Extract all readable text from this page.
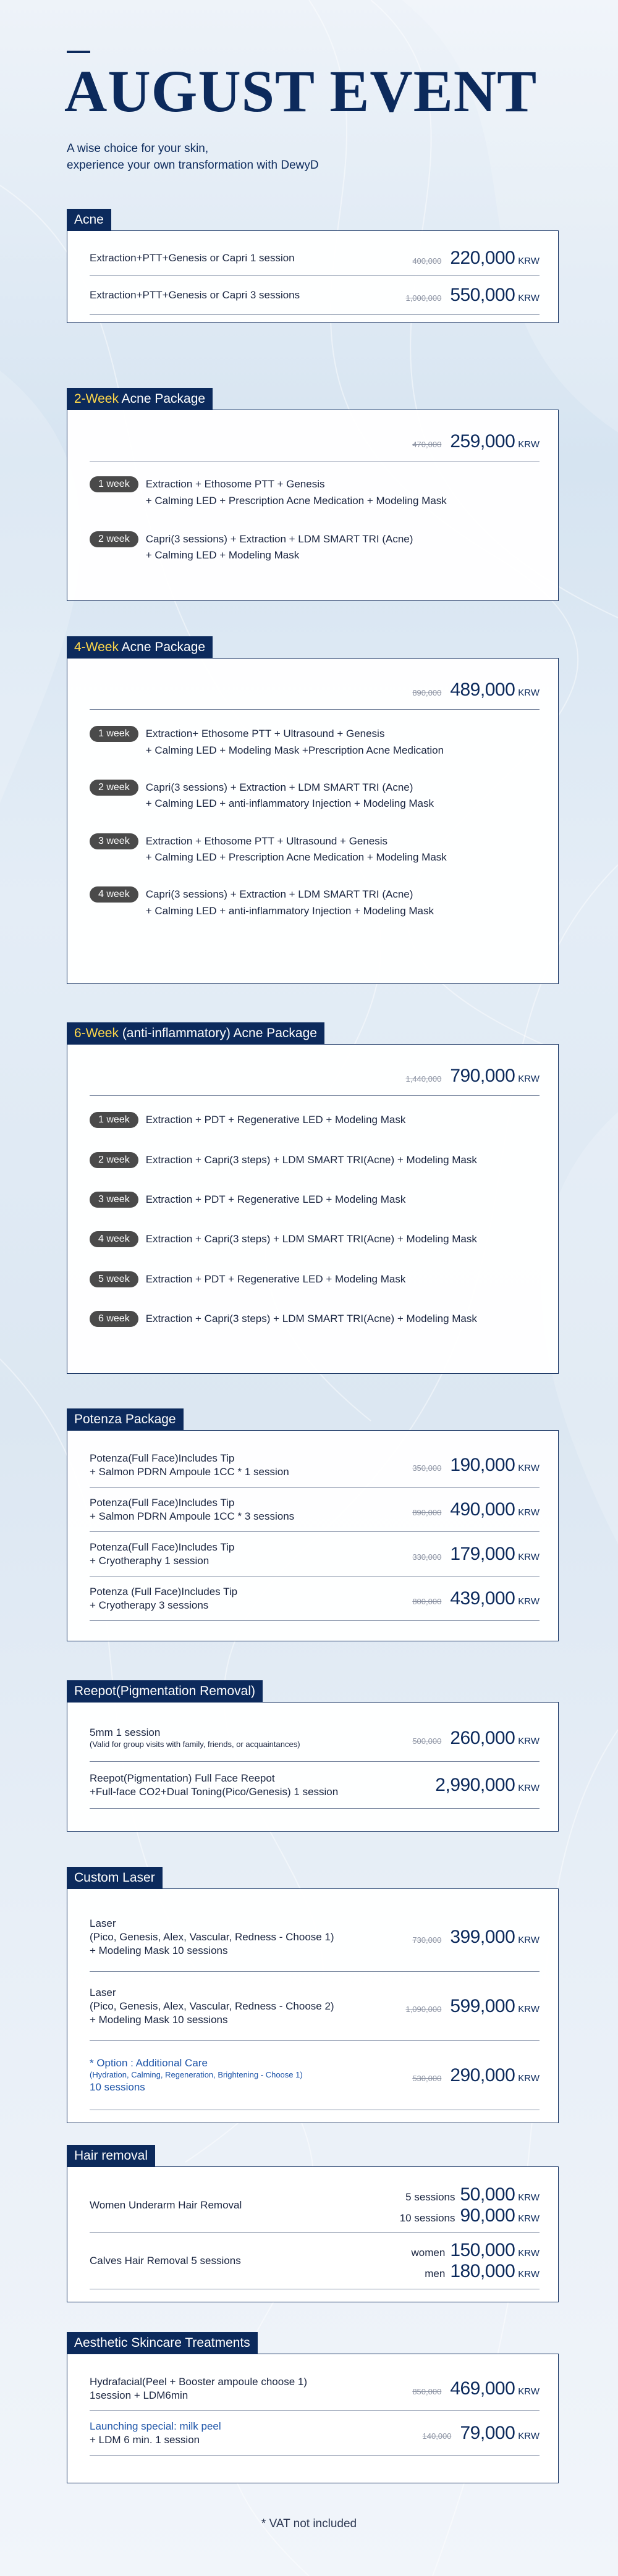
AUGUST EVENT
A wise choice for your skin,
experience your own transformation with DewyD
Acne
Extraction+PTT+Genesis or Capri 1 session	400,000 220,000 KRW
Extraction+PTT+Genesis or Capri 3 sessions	1,000,000 550,000 KRW
2-Week Acne Package
470,000 259,000 KRW
1 week	Extraction + Ethosome PTT + Genesis
+ Calming LED + Prescription Acne Medication + Modeling Mask
2 week	Capri(3 sessions) + Extraction + LDM SMART TRI (Acne)
+ Calming LED + Modeling Mask
4-Week Acne Package
890,000 489,000 KRW
1 week	Extraction+ Ethosome PTT + Ultrasound + Genesis
+ Calming LED + Modeling Mask +Prescription Acne Medication
2 week	Capri(3 sessions) + Extraction + LDM SMART TRI (Acne)
+ Calming LED + anti-inflammatory Injection + Modeling Mask
3 week	Extraction + Ethosome PTT + Ultrasound + Genesis
+ Calming LED + Prescription Acne Medication + Modeling Mask
4 week	Capri(3 sessions) + Extraction + LDM SMART TRI (Acne)
+ Calming LED + anti-inflammatory Injection + Modeling Mask
6-Week (anti-inflammatory) Acne Package
1,440,000 790,000 KRW
1 week	Extraction + PDT + Regenerative LED + Modeling Mask
2 week	Extraction + Capri(3 steps) + LDM SMART TRI(Acne) + Modeling Mask
3 week	Extraction + PDT + Regenerative LED + Modeling Mask
4 week	Extraction + Capri(3 steps) + LDM SMART TRI(Acne) + Modeling Mask
5 week	Extraction + PDT + Regenerative LED + Modeling Mask
6 week	Extraction + Capri(3 steps) + LDM SMART TRI(Acne) + Modeling Mask
Potenza Package
Potenza(Full Face)Includes Tip
+ Salmon PDRN Ampoule 1CC * 1 session	350,000 190,000 KRW
Potenza(Full Face)Includes Tip
+ Salmon PDRN Ampoule 1CC * 3 sessions	890,000 490,000 KRW
Potenza(Full Face)Includes Tip
+ Cryotheraphy 1 session	330,000 179,000 KRW
Potenza (Full Face)Includes Tip
+ Cryotherapy 3 sessions	800,000 439,000 KRW
Reepot(Pigmentation Removal)
5mm 1 session
(Valid for group visits with family, friends, or acquaintances)	500,000 260,000 KRW
Reepot(Pigmentation) Full Face Reepot
+Full-face CO2+Dual Toning(Pico/Genesis) 1 session	2,990,000 KRW
Custom Laser
Laser
(Pico, Genesis, Alex, Vascular, Redness - Choose 1)
+ Modeling Mask 10 sessions
730,000 399,000 KRW
Laser
(Pico, Genesis, Alex, Vascular, Redness - Choose 2)
+ Modeling Mask 10 sessions
1,090,000 599,000 KRW
* Option : Additional Care
(Hydration, Calming, Regeneration, Brightening - Choose 1)
10 sessions
530,000 290,000 KRW
Hair removal
Women Underarm Hair Removal
5 sessions 50,000 KRW
10 sessions 90,000 KRW
Calves Hair Removal 5 sessions
women 150,000 KRW
men 180,000 KRW
Aesthetic Skincare Treatments
Hydrafacial(Peel + Booster ampoule choose 1)
1session + LDM6min	850,000 469,000 KRW
Launching special: milk peel
+ LDM 6 min. 1 session	140,000 79,000 KRW
* VAT not included
